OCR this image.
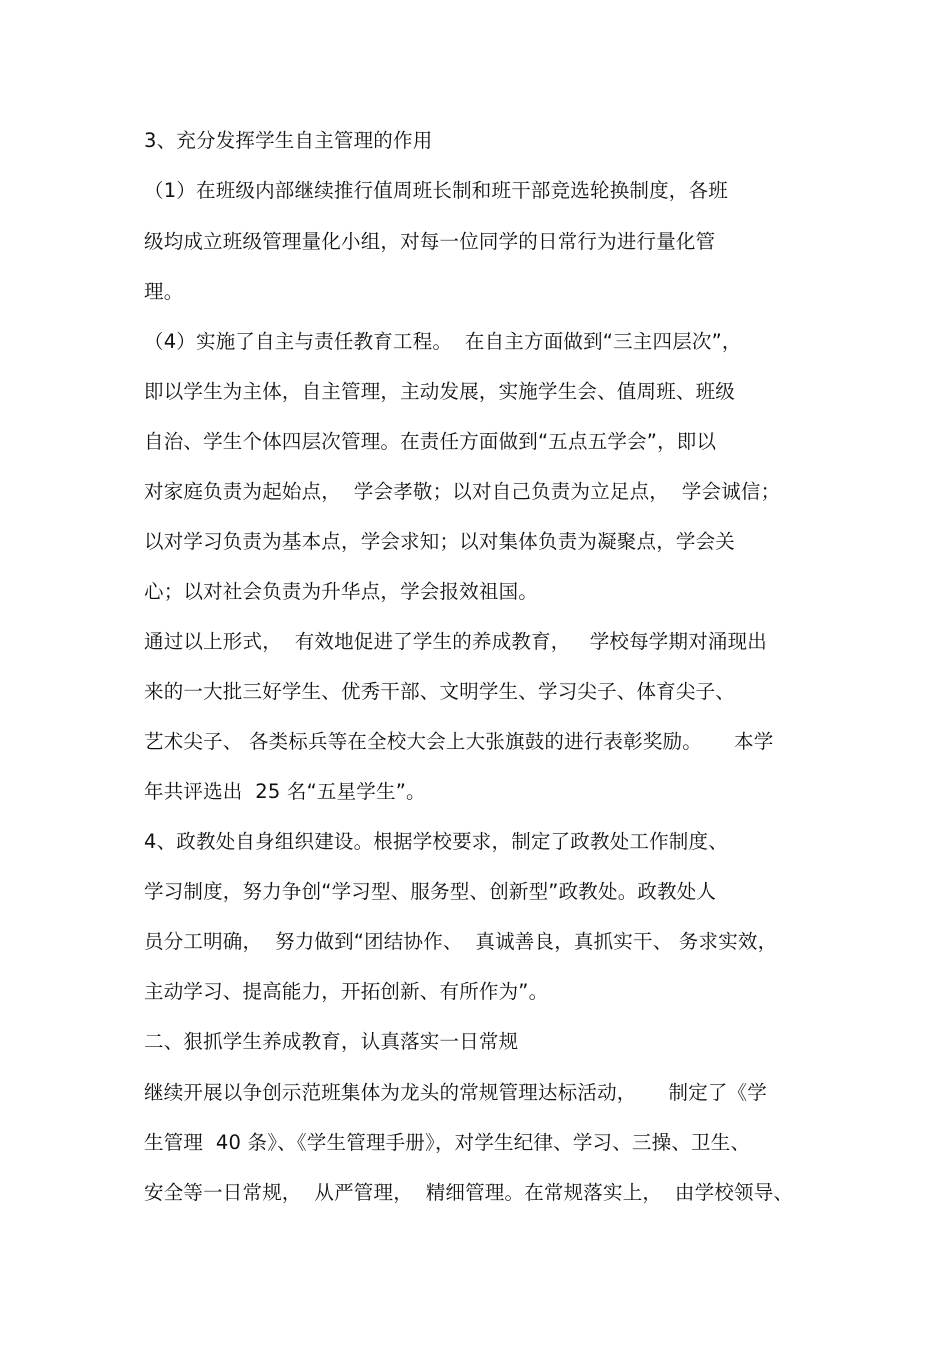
3、充分发挥学生自主管理的作用
（1）在班级内部继续推行值周班长制和班干部竞选轮换制度，各班
级均成立班级管理量化小组，对每一位同学的日常行为进行量化管
理。
（4）实施了自主与责任教育工程。  在自主方面做到“三主四层次”，
即以学生为主体，自主管理，主动发展，实施学生会、值周班、班级
自治、学生个体四层次管理。在责任方面做到“五点五学会”，即以
对家庭负责为起始点，  学会孝敬；以对自己负责为立足点，  学会诚信；
以对学习负责为基本点，学会求知；以对集体负责为凝聚点，学会关
心；以对社会负责为升华点，学会报效祖国。
通过以上形式，  有效地促进了学生的养成教育，   学校每学期对涌现出
来的一大批三好学生、优秀干部、文明学生、学习尖子、体育尖子、
艺术尖子、 各类标兵等在全校大会上大张旗鼓的进行表彰奖励。     本学
年共评选出  25 名“五星学生”。
4、政教处自身组织建设。根据学校要求，制定了政教处工作制度、
学习制度，努力争创“学习型、服务型、创新型”政教处。政教处人
员分工明确，  努力做到“团结协作、  真诚善良，真抓实干、 务求实效，
主动学习、提高能力，开拓创新、有所作为”。
二、狠抓学生养成教育，认真落实一日常规
继续开展以争创示范班集体为龙头的常规管理达标活动，     制定了《学
生管理  40 条》、《学生管理手册》，对学生纪律、学习、三操、卫生、
安全等一日常规，  从严管理，  精细管理。在常规落实上，  由学校领导、
